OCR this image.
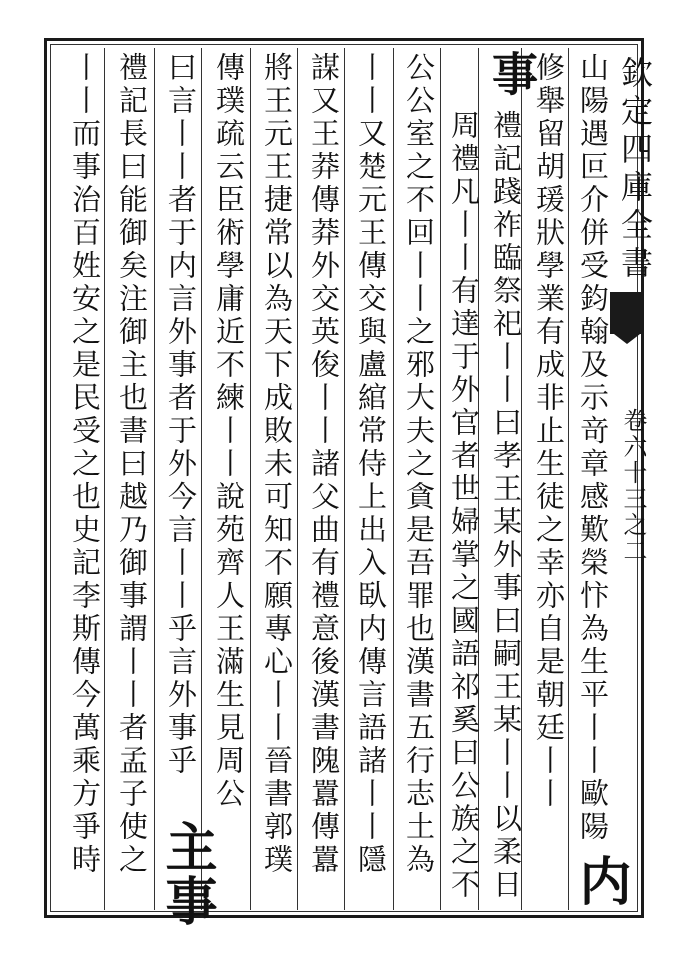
欽定四庫全書
卷六十三之二
山陽遇叵介併受鈞翰及示竒章感歎榮忭為生平丨丨歐陽
内
修舉留胡瑗狀學業有成非止生徒之幸亦自是朝廷丨丨
事
禮記踐祚臨祭祀丨丨曰孝王某外事曰嗣王某丨丨以柔日
周禮凡丨丨有達于外官者世婦掌之國語祁奚曰公族之不
公公室之不回丨丨之邪大夫之貪是吾罪也漢書五行志土為
丨丨又楚元王傳交與盧綰常侍上出入臥内傳言語諸丨丨隱
謀又王莽傳莽外交英俊丨丨諸父曲有禮意後漢書隗囂傳囂
將王元王捷常以為天下成敗未可知不願專心丨丨晉書郭璞
傳璞疏云臣術學庸近不練丨丨說苑齊人王滿生見周公
曰言丨丨者于内言外事者于外今言丨丨乎言外事乎
主事
禮記長曰能御矣注御主也書曰越乃御事謂丨丨者孟子使之
丨丨而事治百姓安之是民受之也史記李斯傳今萬乘方爭時
